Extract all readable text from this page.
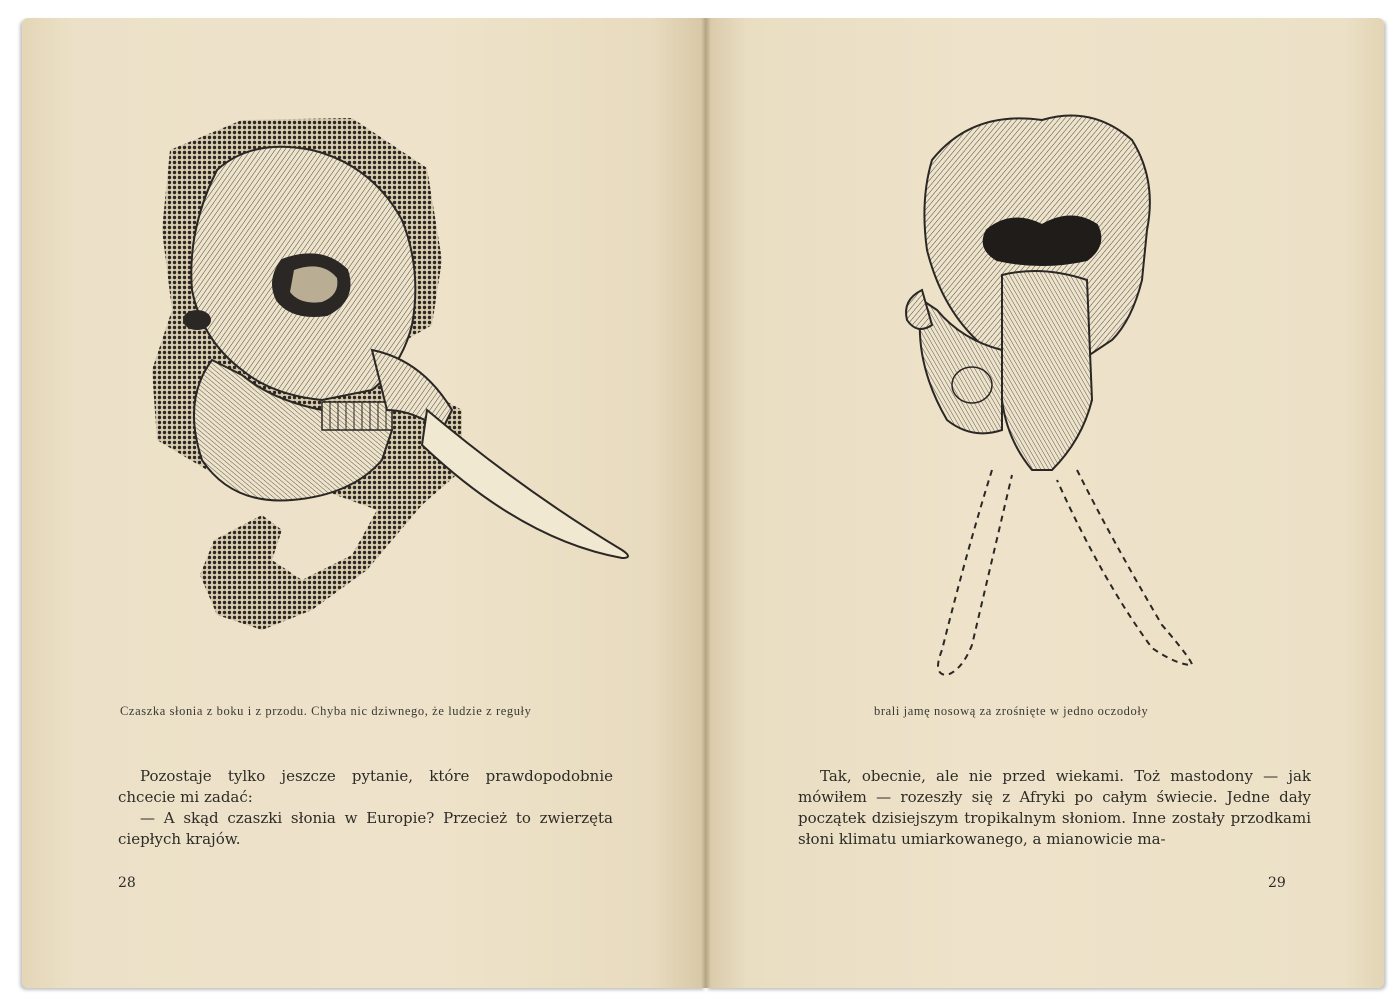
Czaszka słonia z boku i z przodu. Chyba nic dziwnego, że ludzie z reguły

Pozostaje tylko jeszcze pytanie, które prawdopodobnie chcecie mi zadać:

— A skąd czaszki słonia w Europie? Przecież to zwierzęta ciepłych krajów.

28
brali jamę nosową za zrośnięte w jedno oczodoły

Tak, obecnie, ale nie przed wiekami. Toż mastodony — jak mówiłem — rozeszły się z Afryki po całym świecie. Jedne dały początek dzisiejszym tropikalnym słoniom. Inne zostały przodkami słoni klimatu umiarkowanego, a mianowicie ma-

29
